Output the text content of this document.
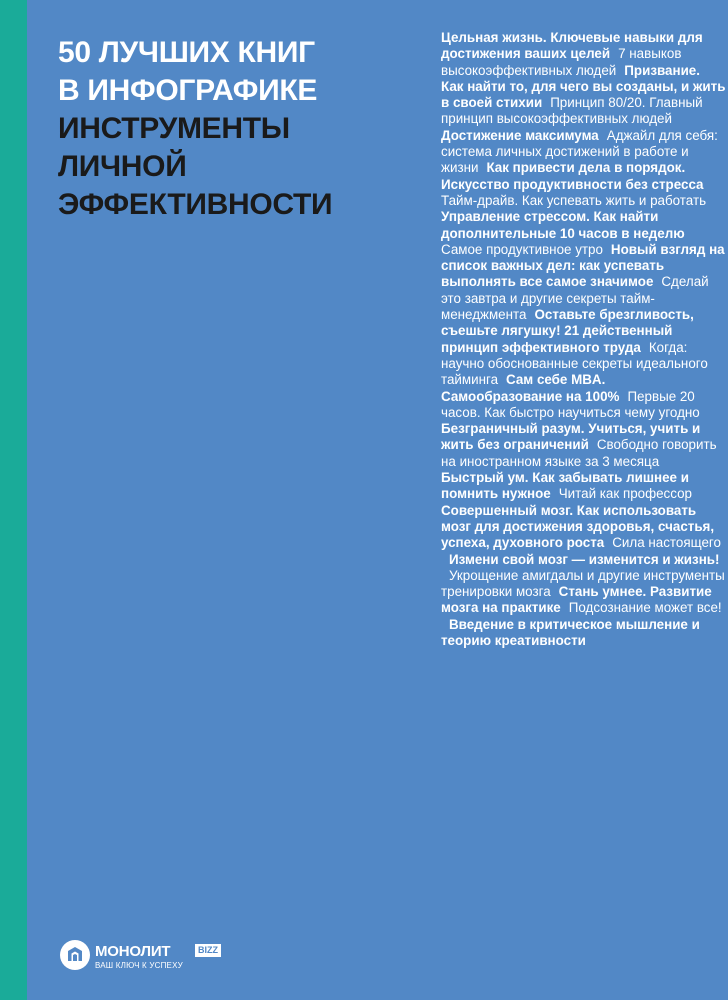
50 ЛУЧШИХ КНИГ
В ИНФОГРАФИКЕ
ИНСТРУМЕНТЫ
ЛИЧНОЙ
ЭФФЕКТИВНОСТИ
Цельная жизнь. Ключевые навыки для достижения ваших целей 7 навыков высокоэффективных людей Призвание. Как найти то, для чего вы созданы, и жить в своей стихии Принцип 80/20. Главный принцип высокоэффективных людейДостижение максимума Аджайл для себя: система личных достижений в работе и жизни Как привести дела в порядок. Искусство продуктивности без стрессаТайм-драйв. Как успевать жить и работатьУправление стрессом. Как найти дополнительные 10 часов в неделюСамое продуктивное утро Новый взгляд на список важных дел: как успевать выполнять все самое значимое Сделай это завтра и другие секреты тайм-менеджмента Оставьте брезгливость, съешьте лягушку! 21 действенный принцип эффективного труда Когда: научно обоснованные секреты идеального тайминга Сам себе MBA. Самообразование на 100% Первые 20 часов. Как быстро научиться чему угодноБезграничный разум. Учиться, учить и жить без ограничений Свободно говорить на иностранном языке за 3 месяцаБыстрый ум. Как забывать лишнее и помнить нужное Читай как профессорСовершенный мозг. Как использовать мозг для достижения здоровья, счастья, успеха, духовного роста Сила настоящегоИзмени свой мозг — изменится и жизнь!Укрощение амигдалы и другие инструменты тренировки мозга Стань умнее. Развитие мозга на практике Подсознание может все!Введение в критическое мышление и теорию креативности
МОНОЛИТ	BIZZ
ВАШ КЛЮЧ К УСПЕХУ
